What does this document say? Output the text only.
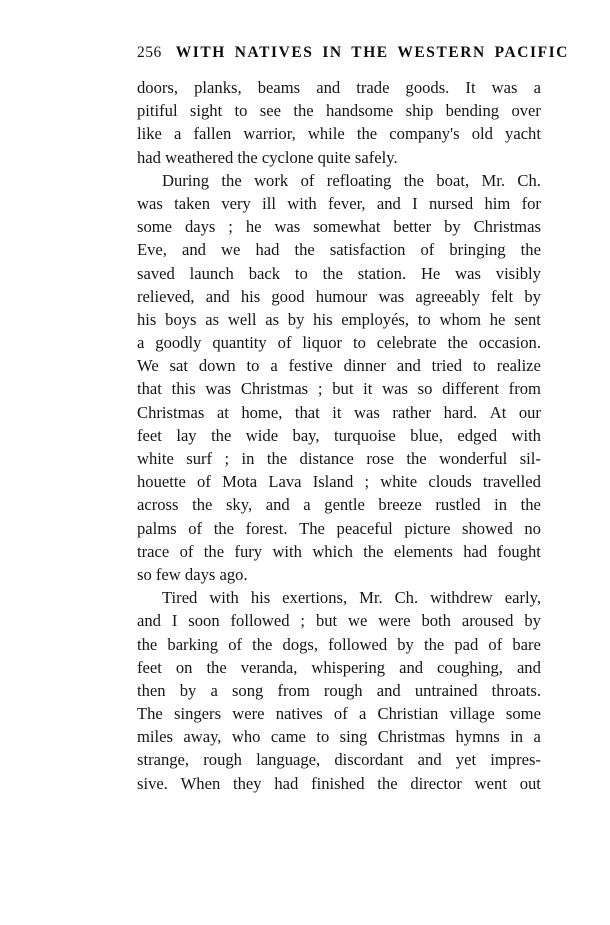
256 WITH NATIVES IN THE WESTERN PACIFIC
doors, planks, beams and trade goods. It was a
pitiful sight to see the handsome ship bending over
like a fallen warrior, while the company's old yacht
had weathered the cyclone quite safely.
During the work of refloating the boat, Mr. Ch.
was taken very ill with fever, and I nursed him for
some days ; he was somewhat better by Christmas
Eve, and we had the satisfaction of bringing the
saved launch back to the station. He was visibly
relieved, and his good humour was agreeably felt by
his boys as well as by his employés, to whom he sent
a goodly quantity of liquor to celebrate the occasion.
We sat down to a festive dinner and tried to realize
that this was Christmas ; but it was so different from
Christmas at home, that it was rather hard. At our
feet lay the wide bay, turquoise blue, edged with
white surf ; in the distance rose the wonderful sil-
houette of Mota Lava Island ; white clouds travelled
across the sky, and a gentle breeze rustled in the
palms of the forest. The peaceful picture showed no
trace of the fury with which the elements had fought
so few days ago.
Tired with his exertions, Mr. Ch. withdrew early,
and I soon followed ; but we were both aroused by
the barking of the dogs, followed by the pad of bare
feet on the veranda, whispering and coughing, and
then by a song from rough and untrained throats.
The singers were natives of a Christian village some
miles away, who came to sing Christmas hymns in a
strange, rough language, discordant and yet impres-
sive. When they had finished the director went out
